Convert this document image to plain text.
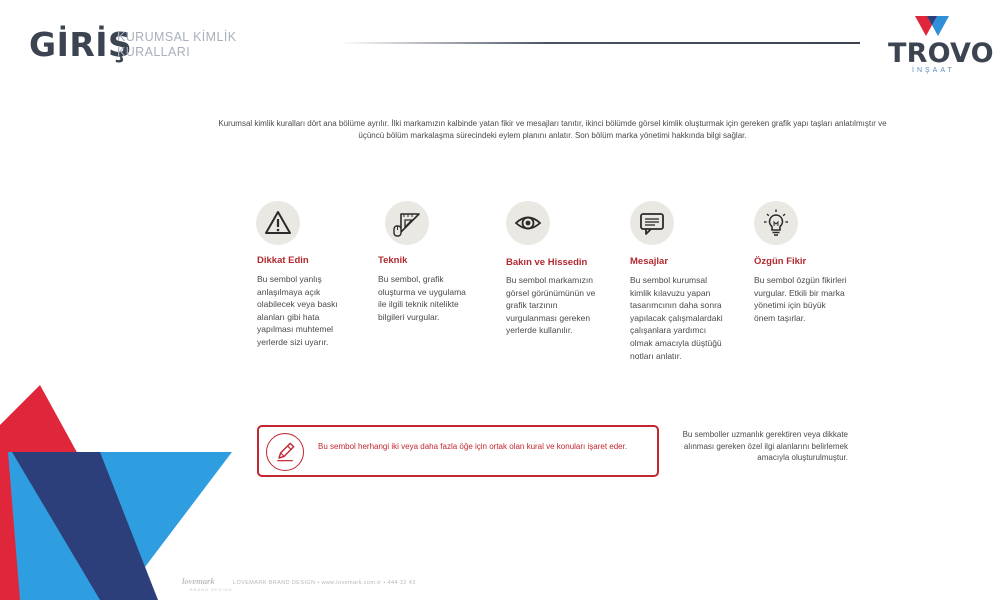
GİRİŞ
KURUMSAL KİMLİK
KURALLARI	TROVO
İNŞAAT
Kurumsal kimlik kuralları dört ana bölüme ayrılır. İlki markamızın kalbinde yatan fikir ve mesajları tanıtır, ikinci bölümde görsel kimlik oluşturmak için gereken grafik yapı taşları anlatılmıştır ve üçüncü bölüm markalaşma sürecindeki eylem planını anlatır. Son bölüm marka yönetimi hakkında bilgi sağlar.
Dikkat Edin
Bu sembol yanlış anlaşılmaya açık olabilecek veya baskı alanları gibi hata yapılması muhtemel yerlerde sizi uyarır.
Teknik
Bu sembol, grafik oluşturma ve uygulama ile ilgili teknik nitelikte bilgileri vurgular.
Bakın ve Hissedin
Bu sembol markamızın görsel görünümünün ve grafik tarzının vurgulanması gereken yerlerde kullanılır.
Mesajlar
Bu sembol kurumsal kimlik kılavuzu yapan tasarımcının daha sonra yapılacak çalışmalardaki çalışanlara yardımcı olmak amacıyla düştüğü notları anlatır.
Özgün Fikir
Bu sembol özgün fikirleri vurgular. Etkili bir marka yönetimi için büyük önem taşırlar.
Bu sembol herhangi iki veya daha fazla öğe için ortak olan kural ve konuları işaret eder.
Bu semboller uzmanlık gerektiren veya dikkate alınması gereken özel ilgi alanlarını belirlemek amacıyla oluşturulmuştur.
lovemark
BRAND DESIGN
LOVEMARK BRAND DESIGN • www.lovemark.com.tr • 444 32 43
